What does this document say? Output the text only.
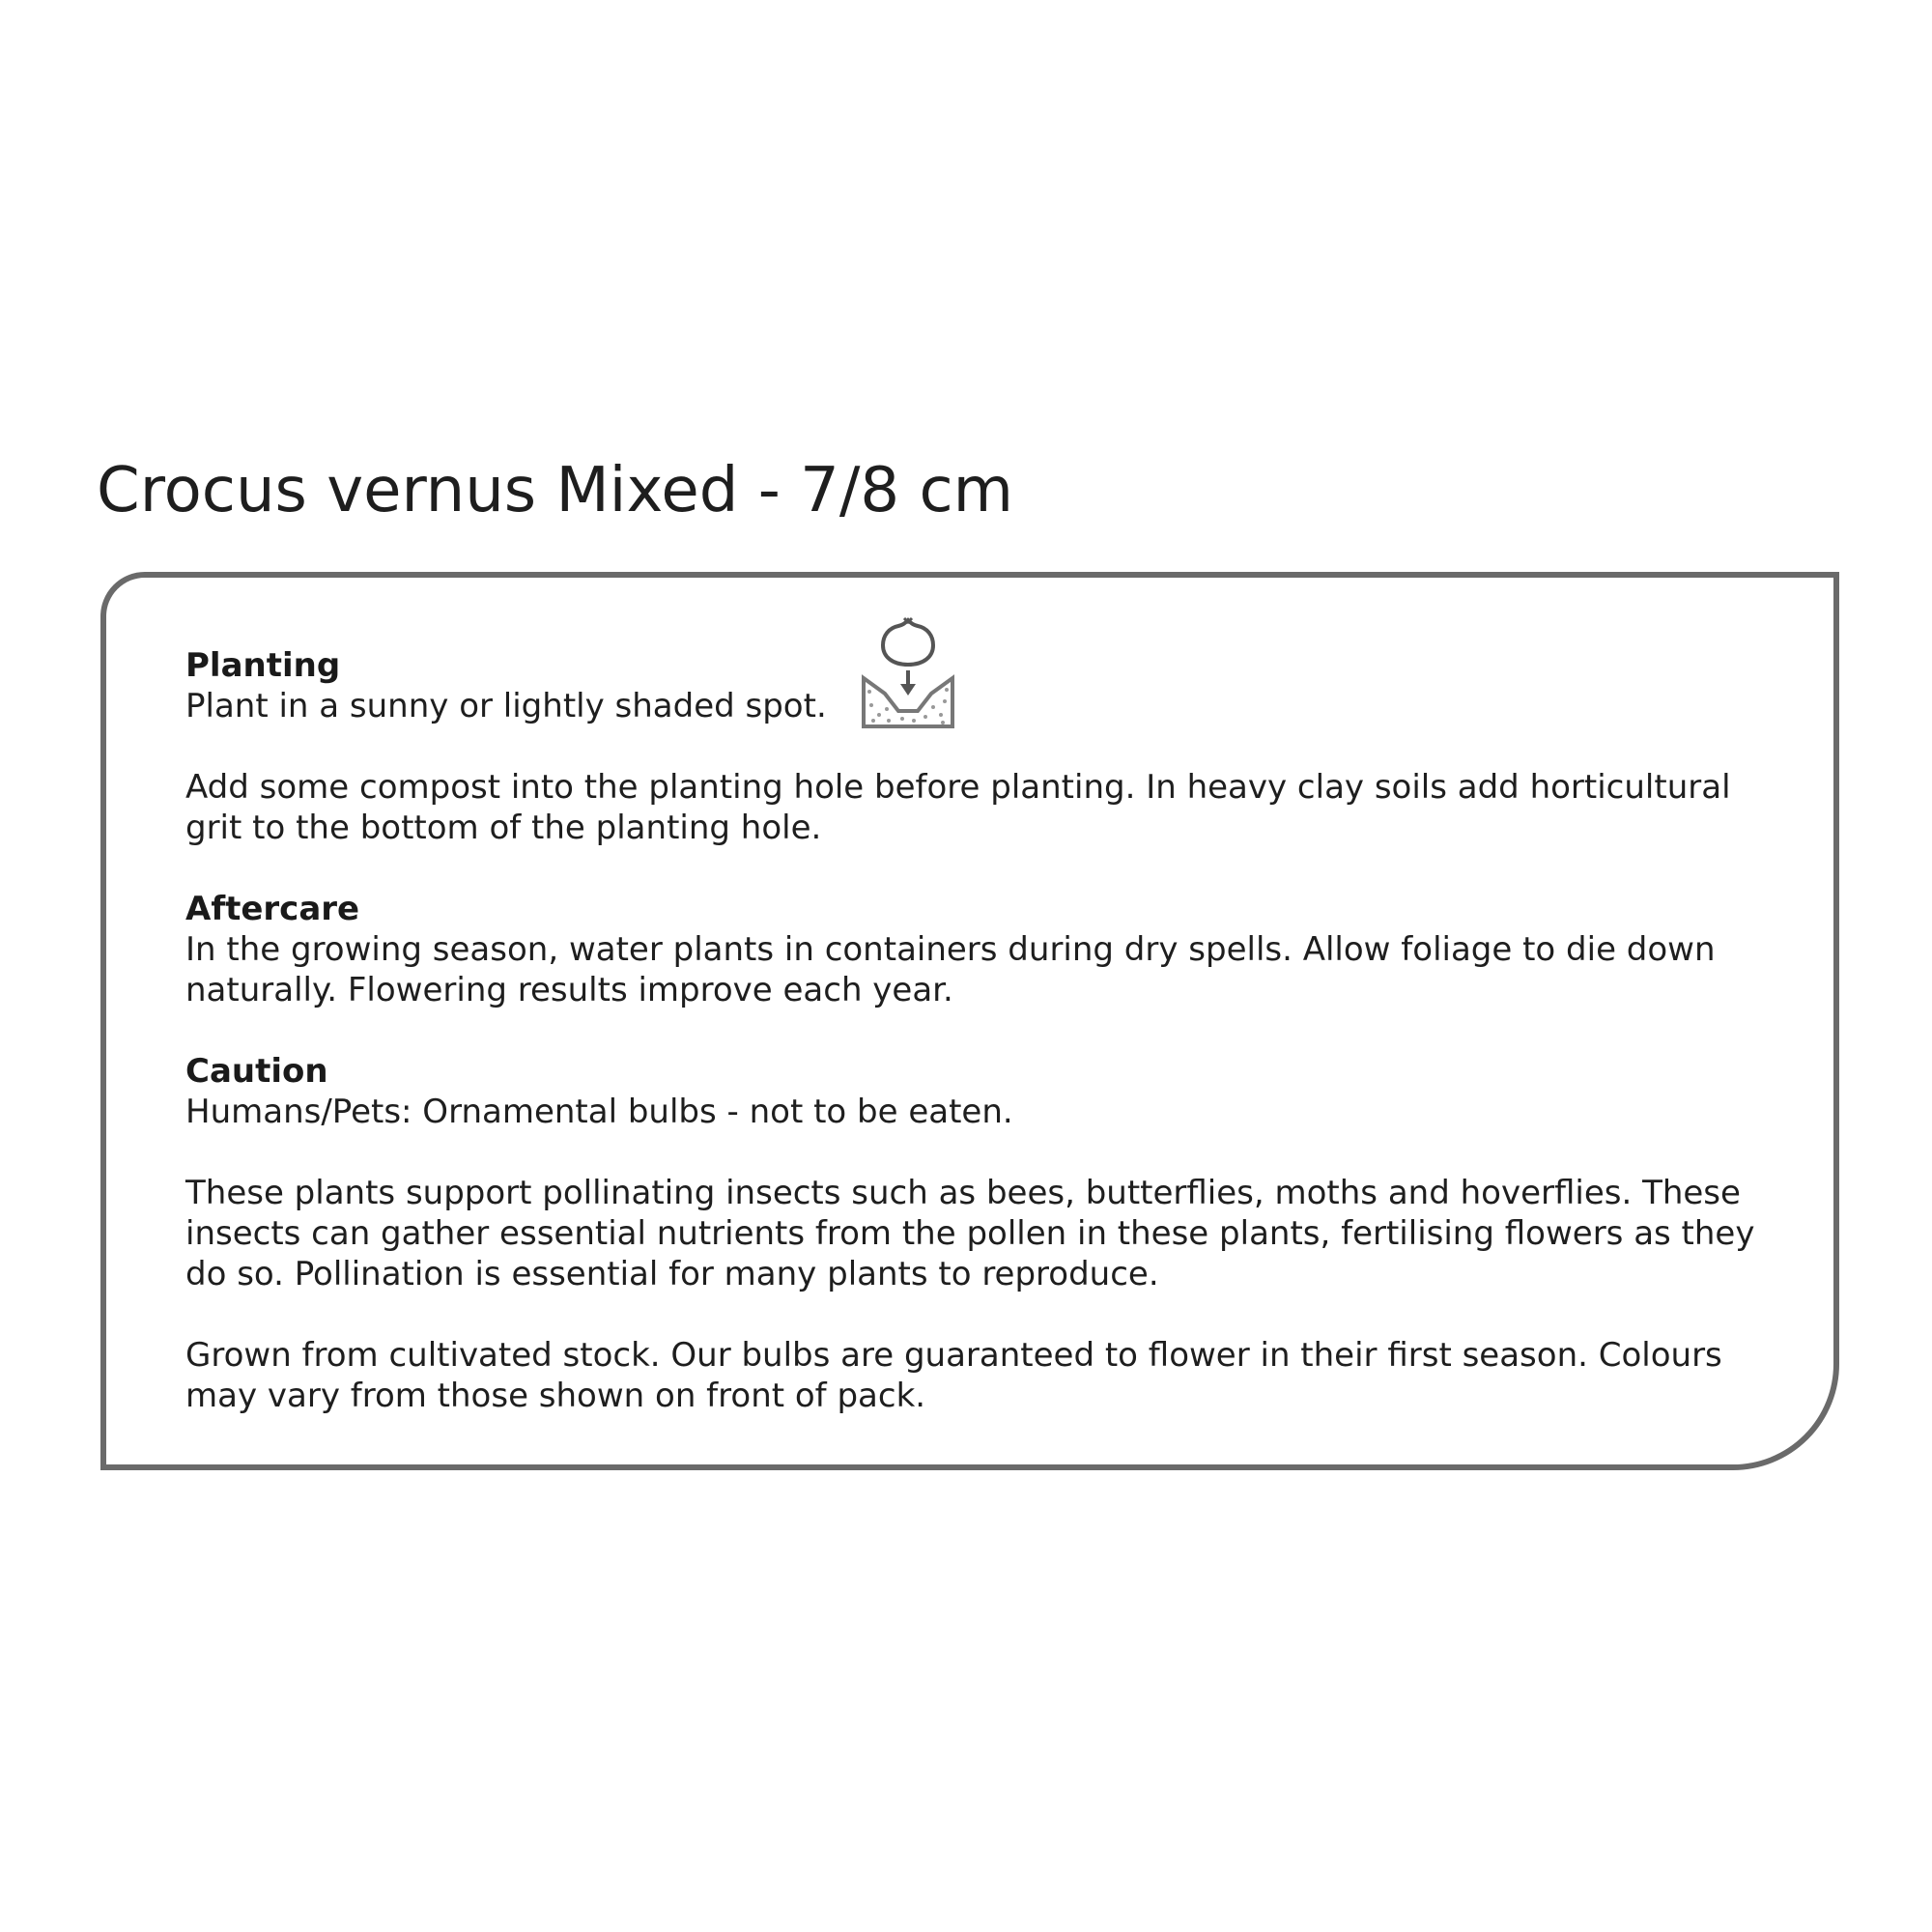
Crocus vernus Mixed - 7/8 cm
Planting

Plant in a sunny or lightly shaded spot.

Add some compost into the planting hole before planting. In heavy clay soils add horticultural grit to the bottom of the planting hole.

Aftercare

In the growing season, water plants in containers during dry spells. Allow foliage to die down naturally. Flowering results improve each year.

Caution

Humans/Pets: Ornamental bulbs - not to be eaten.

These plants support pollinating insects such as bees, butterflies, moths and hoverflies. These insects can gather essential nutrients from the pollen in these plants, fertilising flowers as they do so. Pollination is essential for many plants to reproduce.

Grown from cultivated stock. Our bulbs are guaranteed to flower in their first season. Colours may vary from those shown on front of pack.
